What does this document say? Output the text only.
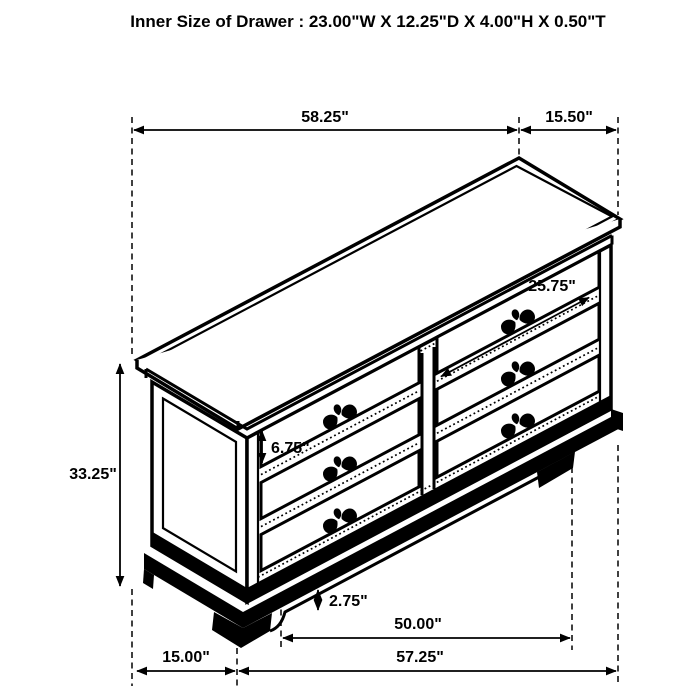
Inner Size of Drawer : 23.00"W X 12.25"D X 4.00"H X 0.50"T
58.25"	15.50"
33.25"
25.75"
6.75"
2.75"
50.00"
15.00"	57.25"
